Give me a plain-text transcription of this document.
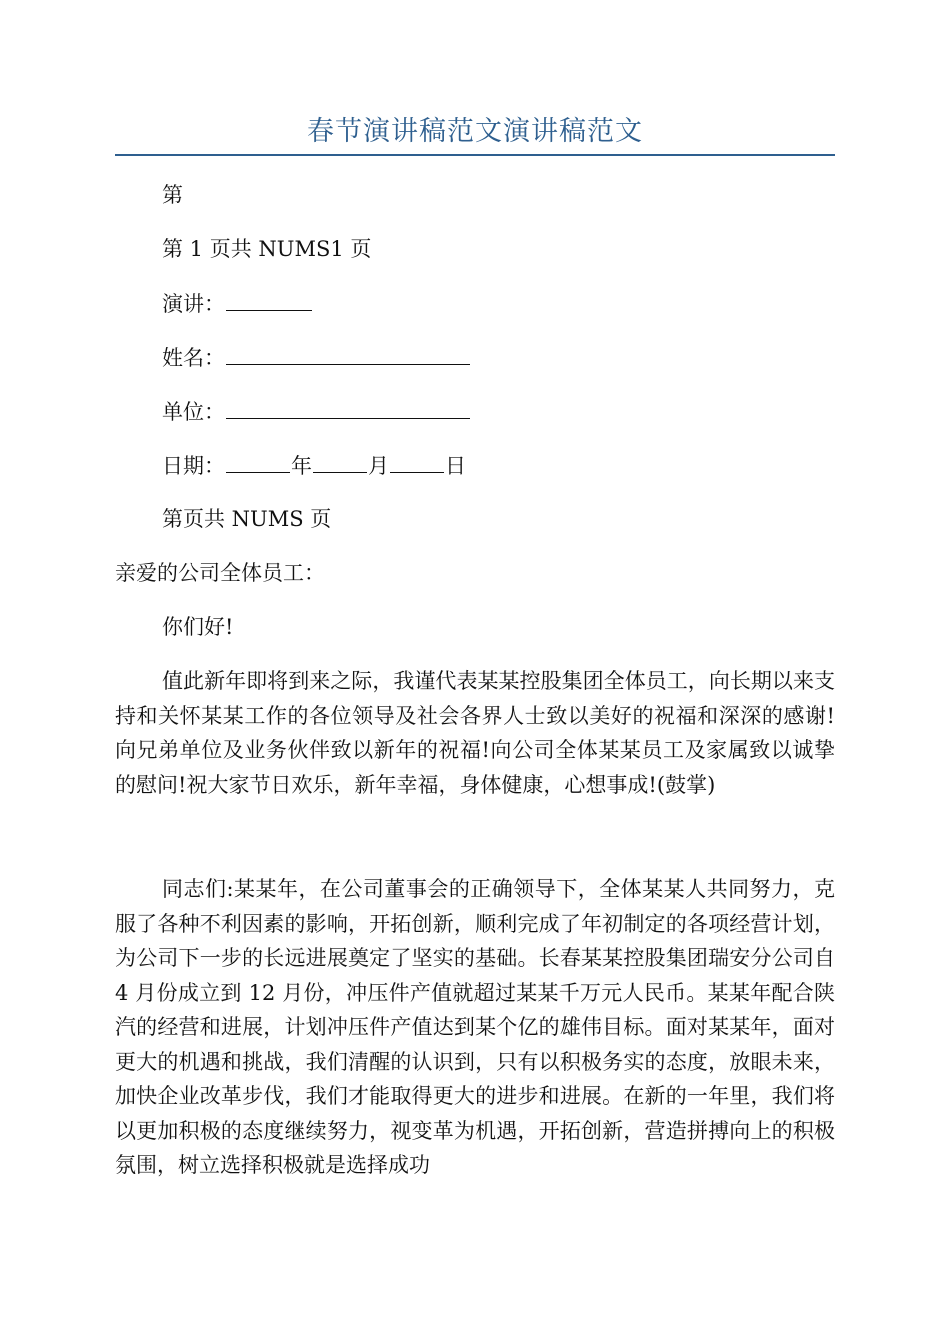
春节演讲稿范文演讲稿范文
第
第 1 页共 NUMS1 页
演讲：
姓名：
单位：
日期：	年	月	日
第页共 NUMS 页
亲爱的公司全体员工：
你们好!
值此新年即将到来之际，我谨代表某某控股集团全体员工，向长期以来支持和关怀某某工作的各位领导及社会各界人士致以美好的祝福和深深的感谢!向兄弟单位及业务伙伴致以新年的祝福!向公司全体某某员工及家属致以诚挚的慰问!祝大家节日欢乐，新年幸福，身体健康，心想事成!(鼓掌)
同志们:某某年，在公司董事会的正确领导下，全体某某人共同努力，克服了各种不利因素的影响，开拓创新，顺利完成了年初制定的各项经营计划，为公司下一步的长远进展奠定了坚实的基础。长春某某控股集团瑞安分公司自 4 月份成立到 12 月份，冲压件产值就超过某某千万元人民币。某某年配合陕汽的经营和进展，计划冲压件产值达到某个亿的雄伟目标。面对某某年，面对更大的机遇和挑战，我们清醒的认识到，只有以积极务实的态度，放眼未来，加快企业改革步伐，我们才能取得更大的进步和进展。在新的一年里，我们将以更加积极的态度继续努力，视变革为机遇，开拓创新，营造拼搏向上的积极氛围，树立选择积极就是选择成功
